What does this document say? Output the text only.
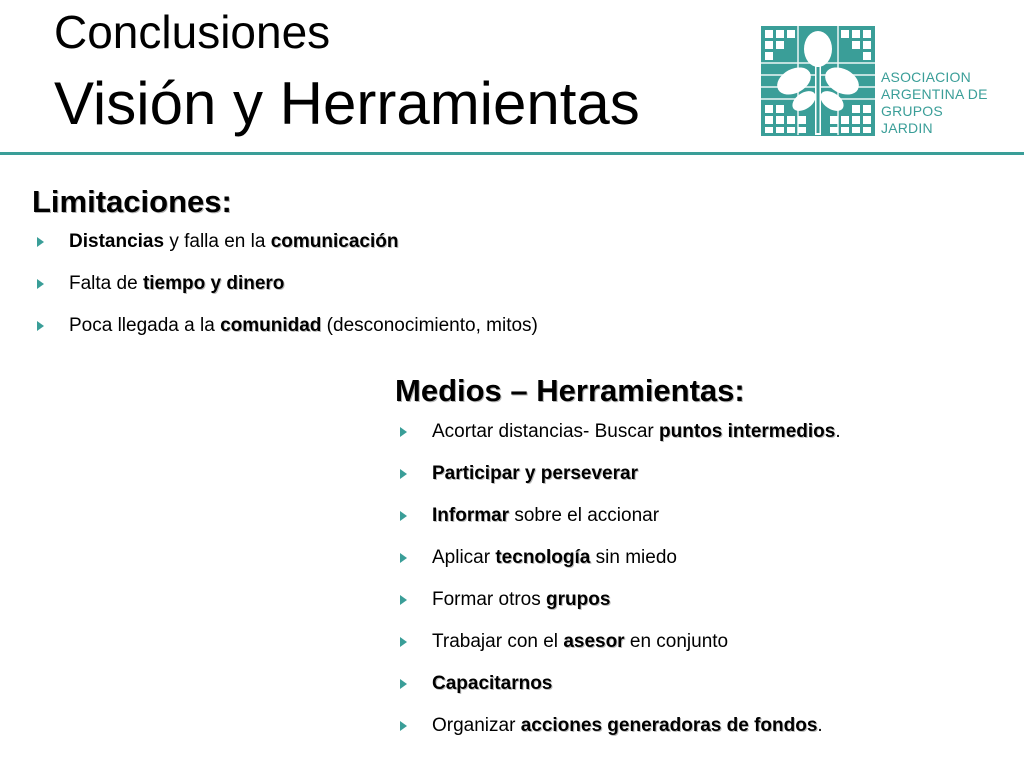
Conclusiones
Visión y Herramientas	ASOCIACION
ARGENTINA DE
GRUPOS
JARDIN
Limitaciones:
Distancias y falla en la comunicación
Falta de tiempo y dinero
Poca llegada a la comunidad (desconocimiento, mitos)
Medios – Herramientas:
Acortar distancias- Buscar puntos intermedios.
Participar y perseverar
Informar sobre el accionar
Aplicar tecnología sin miedo
Formar otros grupos
Trabajar con el asesor en conjunto
Capacitarnos
Organizar acciones generadoras de fondos.
